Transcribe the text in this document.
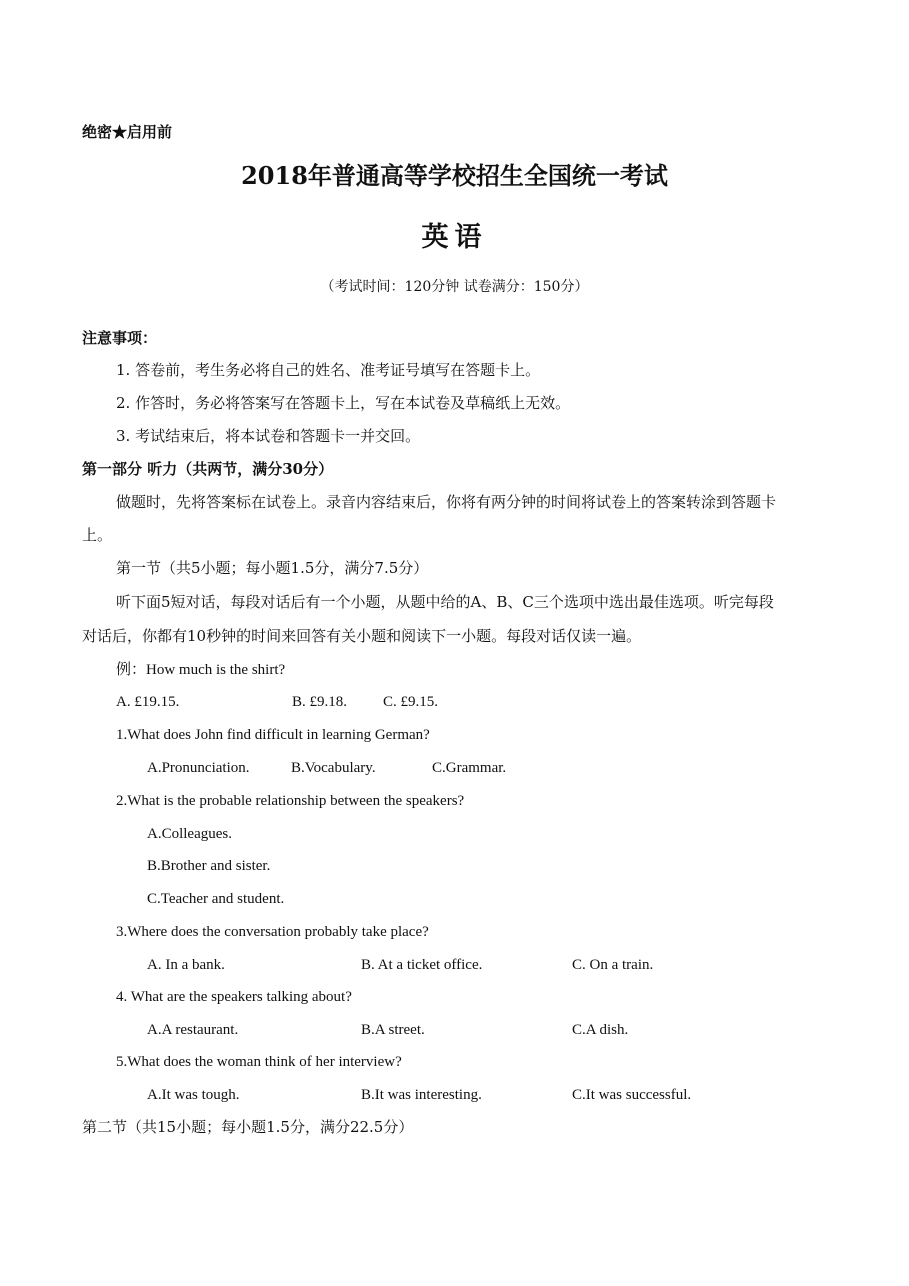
绝密★启用前
2018年普通高等学校招生全国统一考试
英语
（考试时间：120分钟 试卷满分：150分）
注意事项：
1. 答卷前，考生务必将自己的姓名、准考证号填写在答题卡上。
2. 作答时，务必将答案写在答题卡上，写在本试卷及草稿纸上无效。
3. 考试结束后，将本试卷和答题卡一并交回。
第一部分 听力（共两节，满分30分）
做题时，先将答案标在试卷上。录音内容结束后，你将有两分钟的时间将试卷上的答案转涂到答题卡
上。
第一节（共5小题；每小题1.5分，满分7.5分）
听下面5短对话，每段对话后有一个小题，从题中给的A、B、C三个选项中选出最佳选项。听完每段
对话后，你都有10秒钟的时间来回答有关小题和阅读下一小题。每段对话仅读一遍。
例：How much is the shirt?
A. £19.15.	B. £9.18. C. £9.15.
1.What does John find difficult in learning German?
A.Pronunciation.	B.Vocabulary.	C.Grammar.
2.What is the probable relationship between the speakers?
A.Colleagues.
B.Brother and sister.
C.Teacher and student.
3.Where does the conversation probably take place?
A. In a bank.	B. At a ticket office.	C. On a train.
4. What are the speakers talking about?
A.A restaurant.	B.A street.	C.A dish.
5.What does the woman think of her interview?
A.It was tough.	B.It was interesting.	C.It was successful.
第二节（共15小题；每小题1.5分，满分22.5分）
